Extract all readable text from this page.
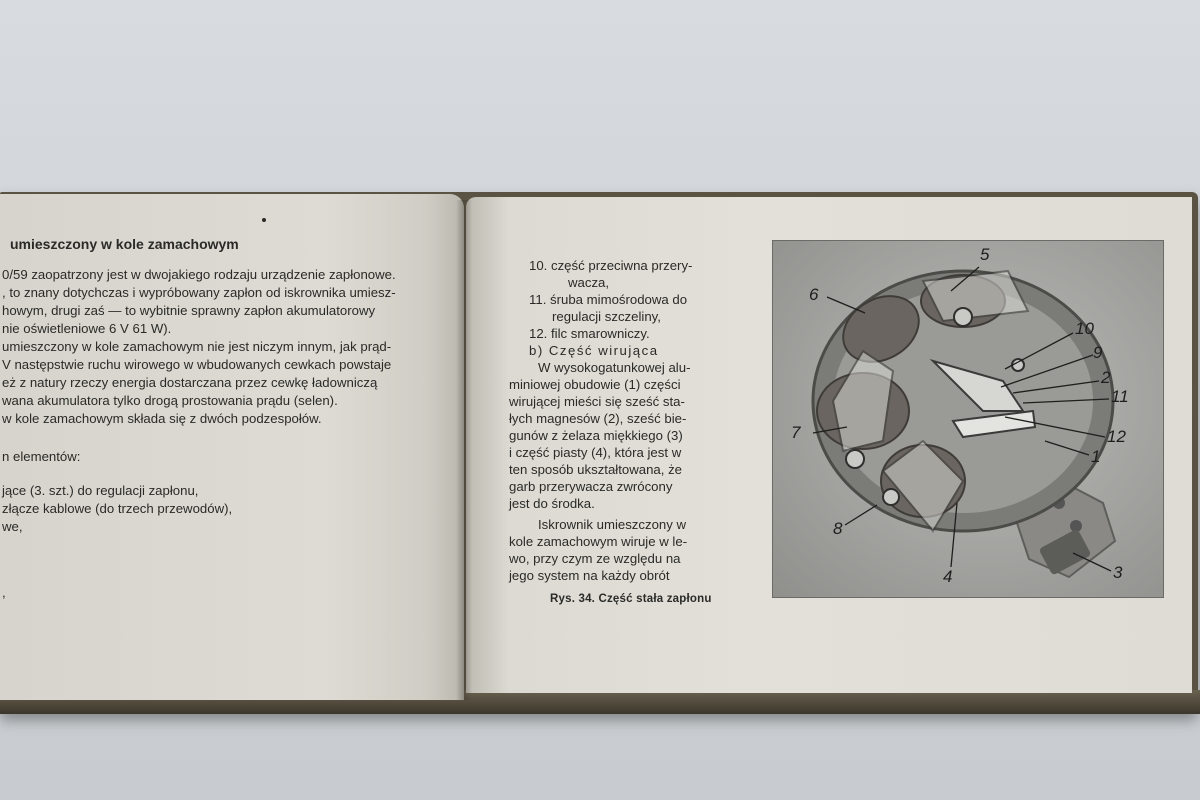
umieszczony w kole zamachowym
0/59 zaopatrzony jest w dwojakiego rodzaju urządzenie zapłonowe.
, to znany dotychczas i wypróbowany zapłon od iskrownika umiesz-
howym, drugi zaś — to wybitnie sprawny zapłon akumulatorowy
nie oświetleniowe 6 V 61 W).
umieszczony w kole zamachowym nie jest niczym innym, jak prąd-
V następstwie ruchu wirowego w wbudowanych cewkach powstaje
eż z natury rzeczy energia dostarczana przez cewkę ładowniczą
wana akumulatora tylko drogą prostowania prądu (selen).
w kole zamachowym składa się z dwóch podzespołów.
n elementów:
jące (3. szt.) do regulacji zapłonu,
złącze kablowe (do trzech przewodów),
we,
,
10. część przeciwna przery-
waczа,
11. śruba mimośrodowa do
regulacji szczeliny,
12. filc smarowniczy.
b) Część wirująca
W wysokogatunkowej alu-
miniowej obudowie (1) części
wirującej mieści się sześć sta-
łych magnesów (2), sześć bie-
gunów z żelaza miękkiego (3)
i część piasty (4), która jest w
ten sposób ukształtowana, że
garb przerywacza zwrócony
jest do środka.
Iskrownik umieszczony w
kole zamachowym wiruje w le-
wo, przy czym ze względu na
jego system na każdy obrót
Rys. 34. Część stała zapłonu
5
6
10
9
2
11
7	12
1
8
4	3
